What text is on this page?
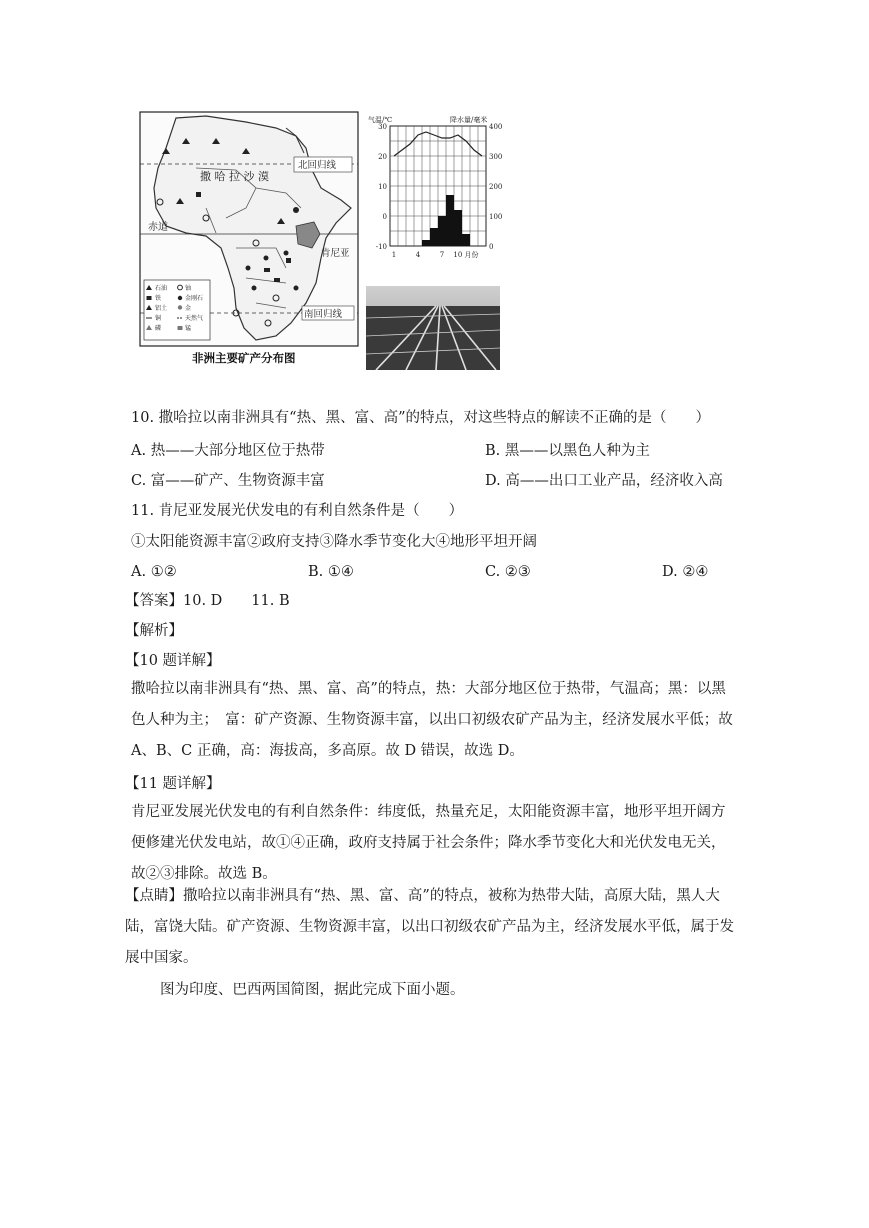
撒 哈 拉 沙 漠
北回归线
赤道
肯尼亚
南回归线
石油	铀
铁	金刚石
铝土	金
铜	天然气
磷	锰
非洲主要矿产分布图
气温/℃	降水量/毫米
30
20
10
0
-10
400
300
200
100
0
1	4	7 10 月份
10. 撒哈拉以南非洲具有“热、黑、富、高”的特点，对这些特点的解读不正确的是（　　）
A. 热——大部分地区位于热带	B. 黑——以黑色人种为主
C. 富——矿产、生物资源丰富	D. 高——出口工业产品，经济收入高
11. 肯尼亚发展光伏发电的有利自然条件是（　　）
①太阳能资源丰富②政府支持③降水季节变化大④地形平坦开阔
A. ①②	B. ①④	C. ②③	D. ②④
【答案】10. D　　11. B
【解析】
【10 题详解】
撒哈拉以南非洲具有“热、黑、富、高”的特点，热：大部分地区位于热带，气温高；黑：以黑色人种为主；　富：矿产资源、生物资源丰富，以出口初级农矿产品为主，经济发展水平低；故 A、B、C 正确，高：海拔高，多高原。故 D 错误，故选 D。
【11 题详解】
肯尼亚发展光伏发电的有利自然条件：纬度低，热量充足，太阳能资源丰富，地形平坦开阔方便修建光伏发电站，故①④正确，政府支持属于社会条件；降水季节变化大和光伏发电无关，故②③排除。故选 B。
【点睛】撒哈拉以南非洲具有“热、黑、富、高”的特点，被称为热带大陆，高原大陆，黑人大陆，富饶大陆。矿产资源、生物资源丰富，以出口初级农矿产品为主，经济发展水平低，属于发展中国家。
　　图为印度、巴西两国简图，据此完成下面小题。
